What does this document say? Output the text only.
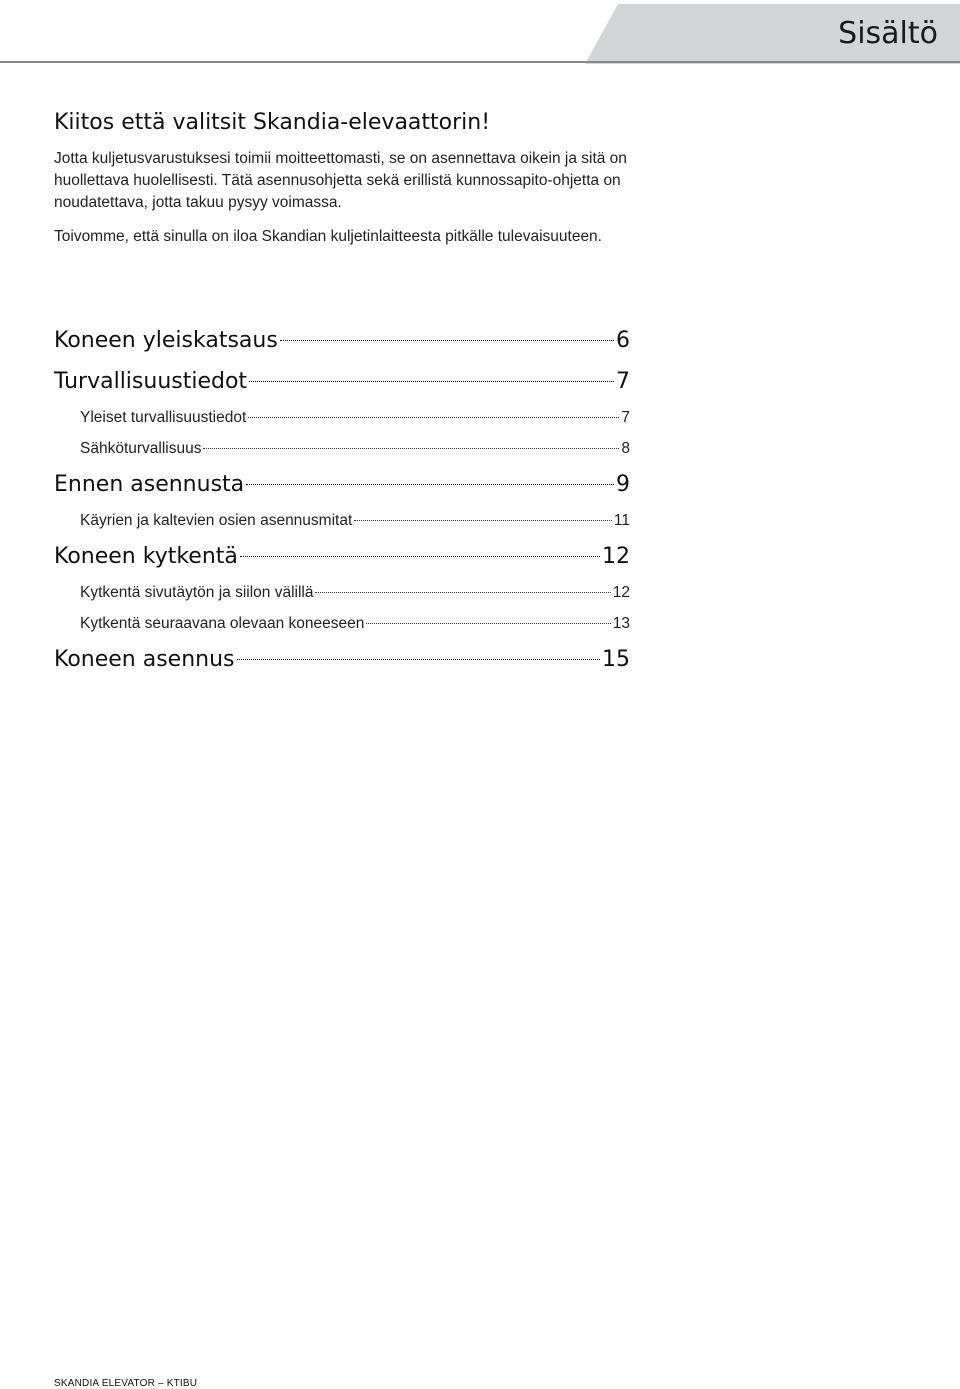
Sisältö
Kiitos että valitsit Skandia-elevaattorin!

Jotta kuljetusvarustuksesi toimii moitteettomasti, se on asennettava oikein ja sitä on huollettava huolellisesti. Tätä asennusohjetta sekä erillistä kunnossapito-ohjetta on noudatettava, jotta takuu pysyy voimassa.

Toivomme, että sinulla on iloa Skandian kuljetinlaitteesta pitkälle tulevaisuuteen.

Koneen yleiskatsaus	6
Turvallisuustiedot	7
Yleiset turvallisuustiedot	7
Sähköturvallisuus	8
Ennen asennusta	9
Käyrien ja kaltevien osien asennusmitat	11
Koneen kytkentä	12
Kytkentä sivutäytön ja siilon välillä	12
Kytkentä seuraavana olevaan koneeseen	13
Koneen asennus	15
SKANDIA ELEVATOR – KTIBU
